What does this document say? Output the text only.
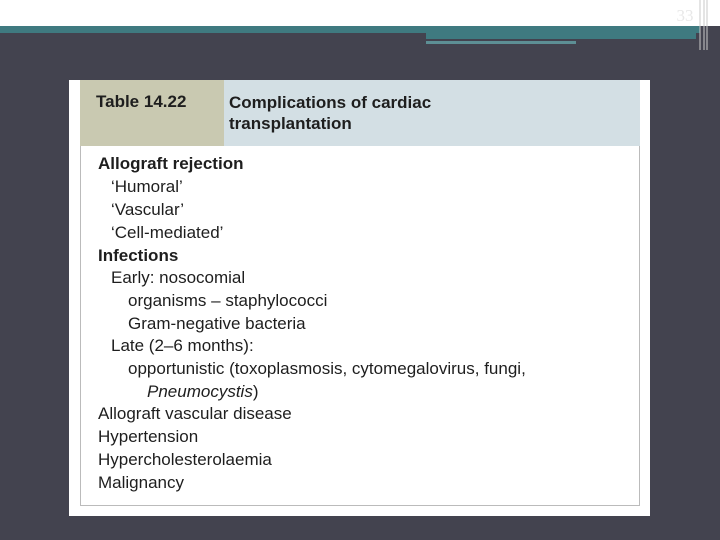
33
Table 14.22	Complications of cardiac
transplantation
Allograft rejection
‘Humoral’
‘Vascular’
‘Cell-mediated’
Infections
Early: nosocomial
organisms – staphylococci
Gram-negative bacteria
Late (2–6 months):
opportunistic (toxoplasmosis, cytomegalovirus, fungi,
Pneumocystis)
Allograft vascular disease
Hypertension
Hypercholesterolaemia
Malignancy
